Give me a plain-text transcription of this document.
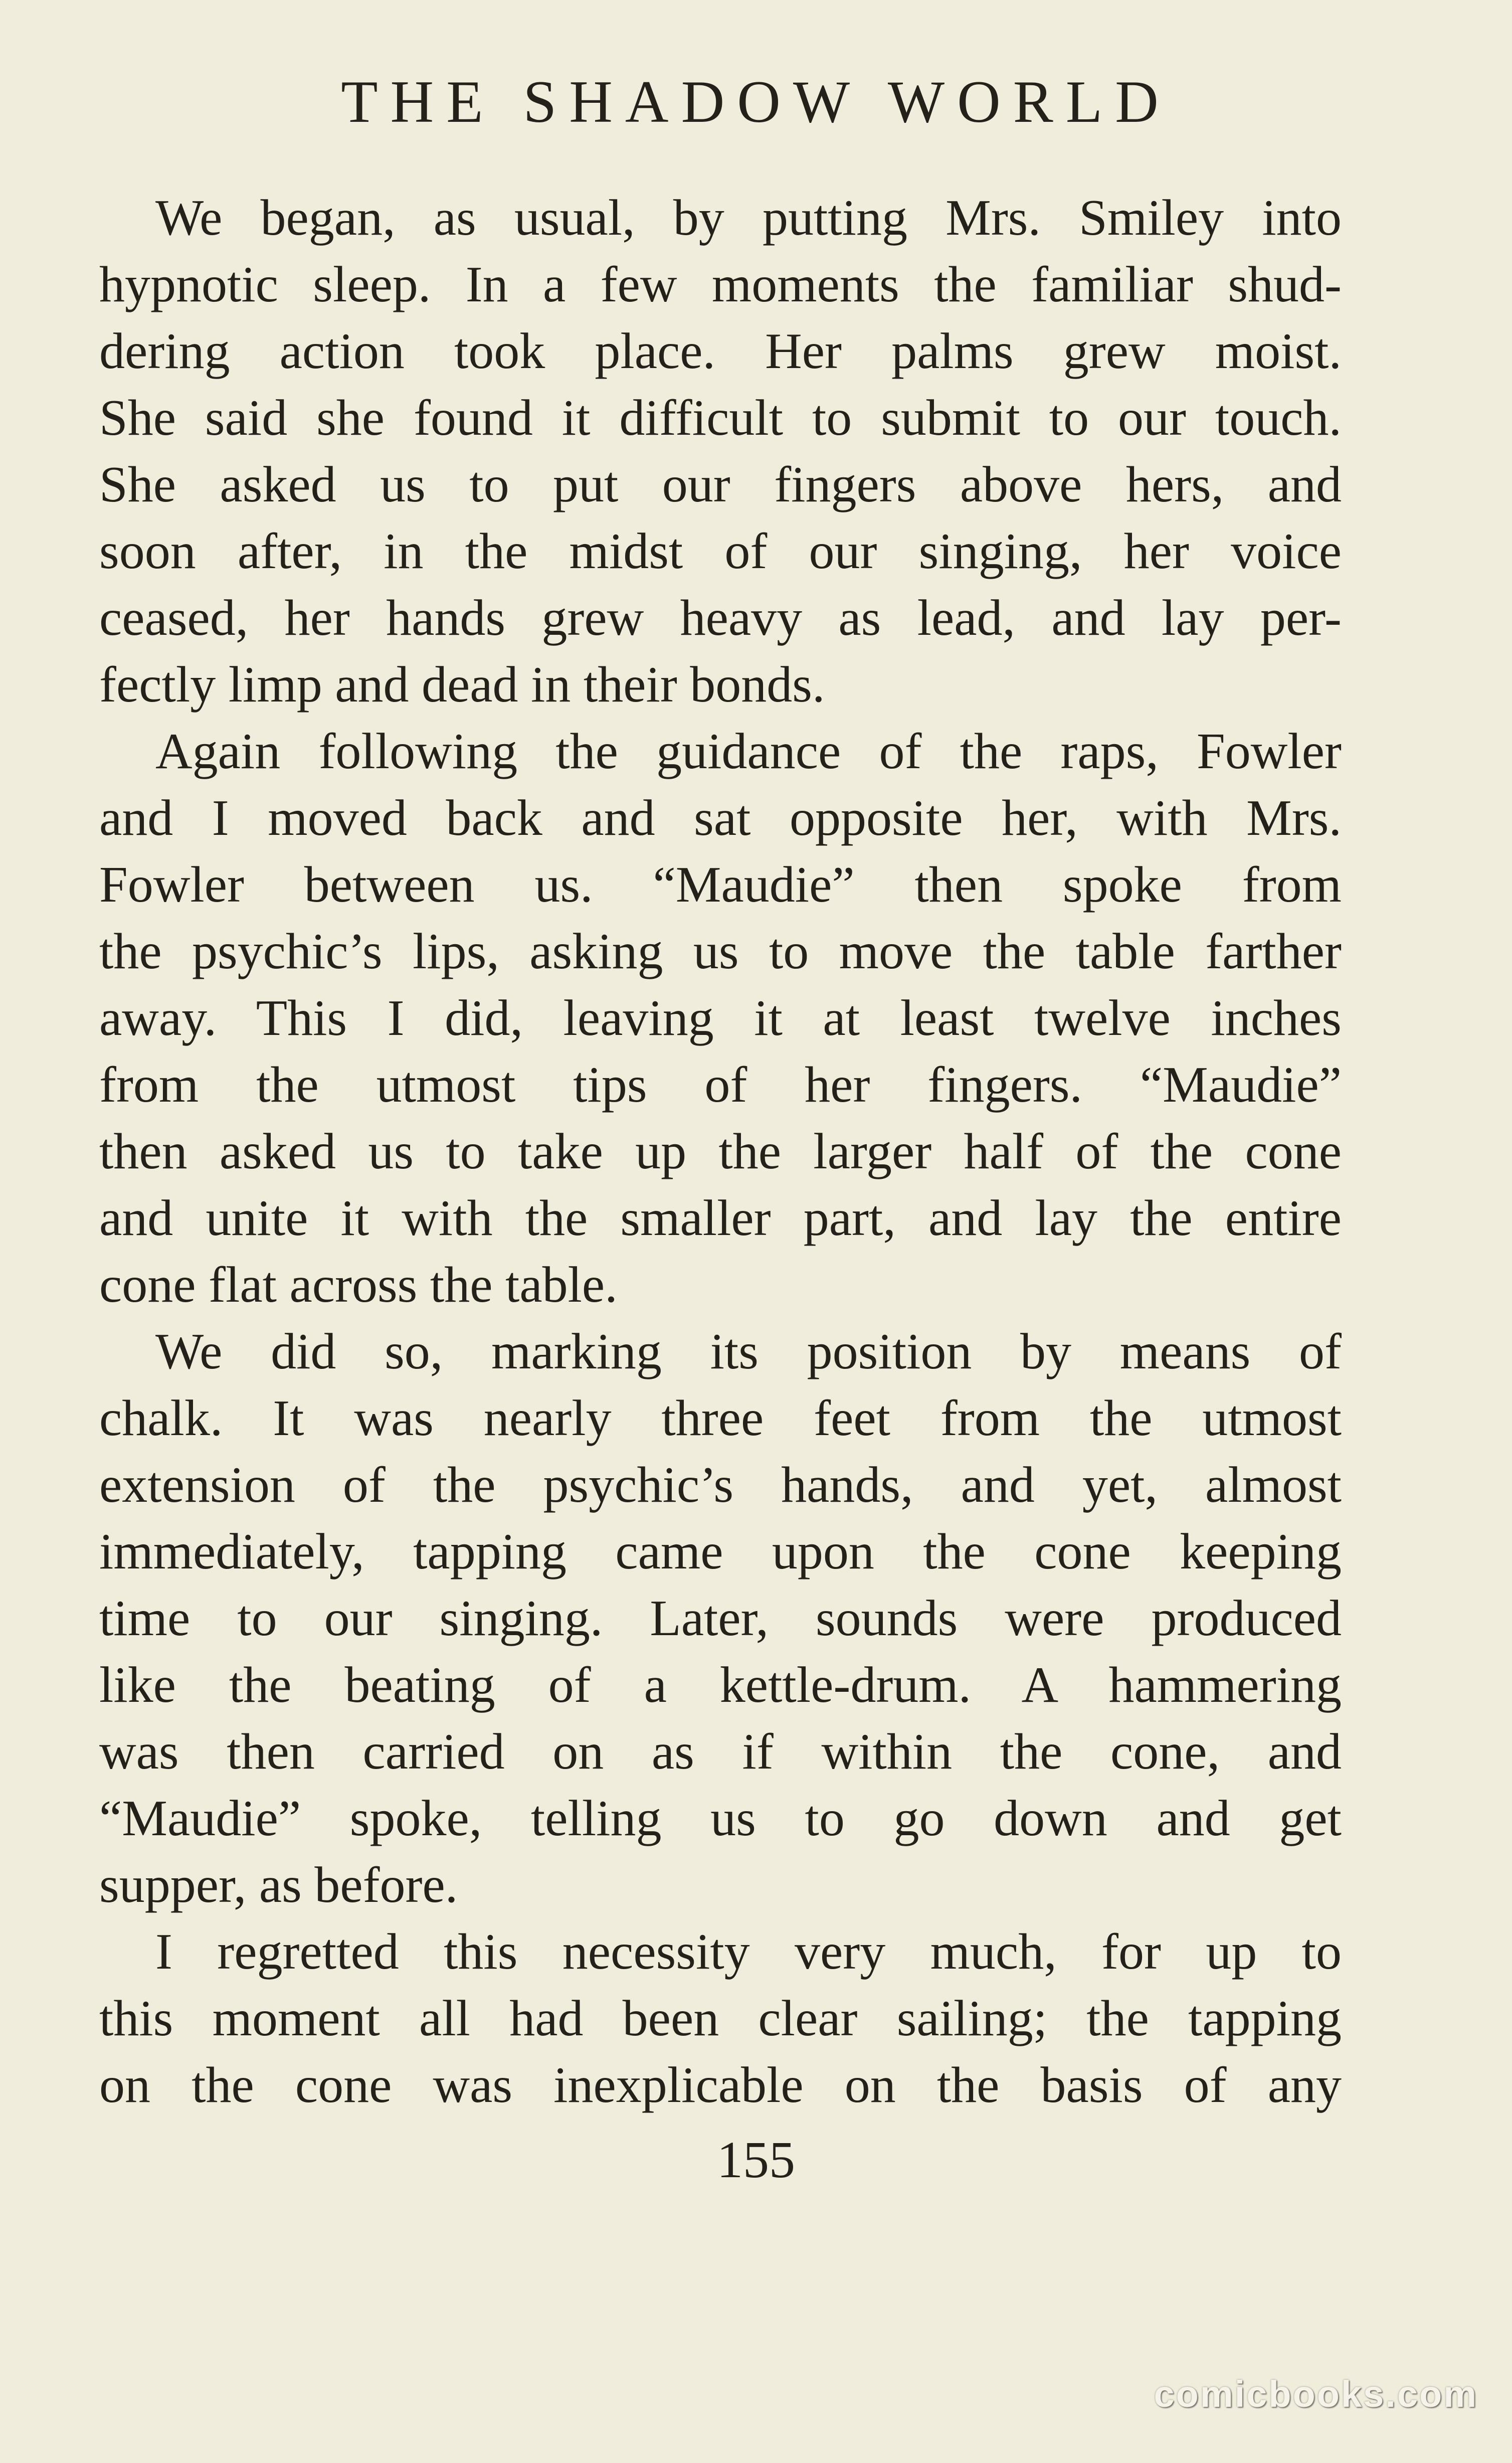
THE SHADOW WORLD

We began, as usual, by putting Mrs. Smiley into
hypnotic sleep. In a few moments the familiar shud-
dering action took place. Her palms grew moist.
She said she found it difficult to submit to our touch.
She asked us to put our fingers above hers, and
soon after, in the midst of our singing, her voice
ceased, her hands grew heavy as lead, and lay per-
fectly limp and dead in their bonds.

Again following the guidance of the raps, Fowler
and I moved back and sat opposite her, with Mrs.
Fowler between us. “Maudie” then spoke from
the psychic’s lips, asking us to move the table farther
away. This I did, leaving it at least twelve inches
from the utmost tips of her fingers. “Maudie”
then asked us to take up the larger half of the cone
and unite it with the smaller part, and lay the entire
cone flat across the table.

We did so, marking its position by means of
chalk. It was nearly three feet from the utmost
extension of the psychic’s hands, and yet, almost
immediately, tapping came upon the cone keeping
time to our singing. Later, sounds were produced
like the beating of a kettle-drum. A hammering
was then carried on as if within the cone, and
“Maudie” spoke, telling us to go down and get
supper, as before.

I regretted this necessity very much, for up to
this moment all had been clear sailing; the tapping
on the cone was inexplicable on the basis of any

155
comicbooks.com
